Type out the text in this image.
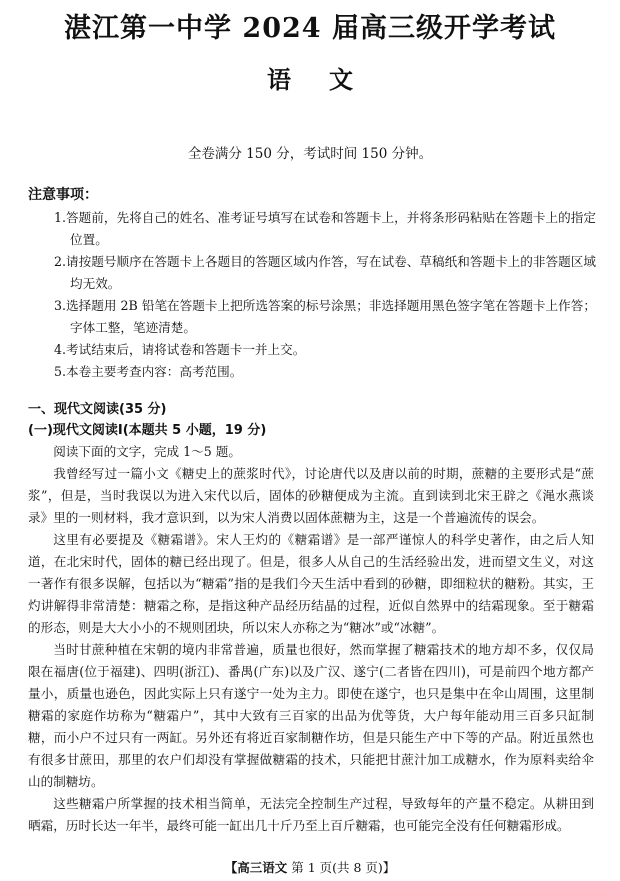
湛江第一中学 2024 届高三级开学考试
语文
全卷满分 150 分，考试时间 150 分钟。
注意事项：

1.答题前，先将自己的姓名、准考证号填写在试卷和答题卡上，并将条形码粘贴在答题卡上的指定位置。

2.请按题号顺序在答题卡上各题目的答题区域内作答，写在试卷、草稿纸和答题卡上的非答题区域均无效。

3.选择题用 2B 铅笔在答题卡上把所选答案的标号涂黑；非选择题用黑色签字笔在答题卡上作答；字体工整，笔迹清楚。

4.考试结束后，请将试卷和答题卡一并上交。

5.本卷主要考查内容：高考范围。

一、现代文阅读(35 分)
(一)现代文阅读Ⅰ(本题共 5 小题，19 分)

阅读下面的文字，完成 1～5 题。

我曾经写过一篇小文《糖史上的蔗浆时代》，讨论唐代以及唐以前的时期，蔗糖的主要形式是“蔗浆”，但是，当时我误以为进入宋代以后，固体的砂糖便成为主流。直到读到北宋王辟之《渑水燕谈录》里的一则材料，我才意识到，以为宋人消费以固体蔗糖为主，这是一个普遍流传的误会。

这里有必要提及《糖霜谱》。宋人王灼的《糖霜谱》是一部严谨惊人的科学史著作，由之后人知道，在北宋时代，固体的糖已经出现了。但是，很多人从自己的生活经验出发，进而望文生义，对这一著作有很多误解，包括以为“糖霜”指的是我们今天生活中看到的砂糖，即细粒状的糖粉。其实，王灼讲解得非常清楚：糖霜之称，是指这种产品经历结晶的过程，近似自然界中的结霜现象。至于糖霜的形态，则是大大小小的不规则团块，所以宋人亦称之为“糖冰”或“冰糖”。

当时甘蔗种植在宋朝的境内非常普遍，质量也很好，然而掌握了糖霜技术的地方却不多，仅仅局限在福唐(位于福建)、四明(浙江)、番禺(广东)以及广汉、遂宁(二者皆在四川)，可是前四个地方都产量小，质量也逊色，因此实际上只有遂宁一处为主力。即使在遂宁，也只是集中在伞山周围，这里制糖霜的家庭作坊称为“糖霜户”，其中大致有三百家的出品为优等货，大户每年能动用三百多只缸制糖，而小户不过只有一两缸。另外还有将近百家制糖作坊，但是只能生产中下等的产品。附近虽然也有很多甘蔗田，那里的农户们却没有掌握做糖霜的技术，只能把甘蔗汁加工成糖水，作为原料卖给伞山的制糖坊。

这些糖霜户所掌握的技术相当简单，无法完全控制生产过程，导致每年的产量不稳定。从耕田到晒霜，历时长达一年半，最终可能一缸出几十斤乃至上百斤糖霜，也可能完全没有任何糖霜形成。

【高三语文 第 1 页(共 8 页)】
